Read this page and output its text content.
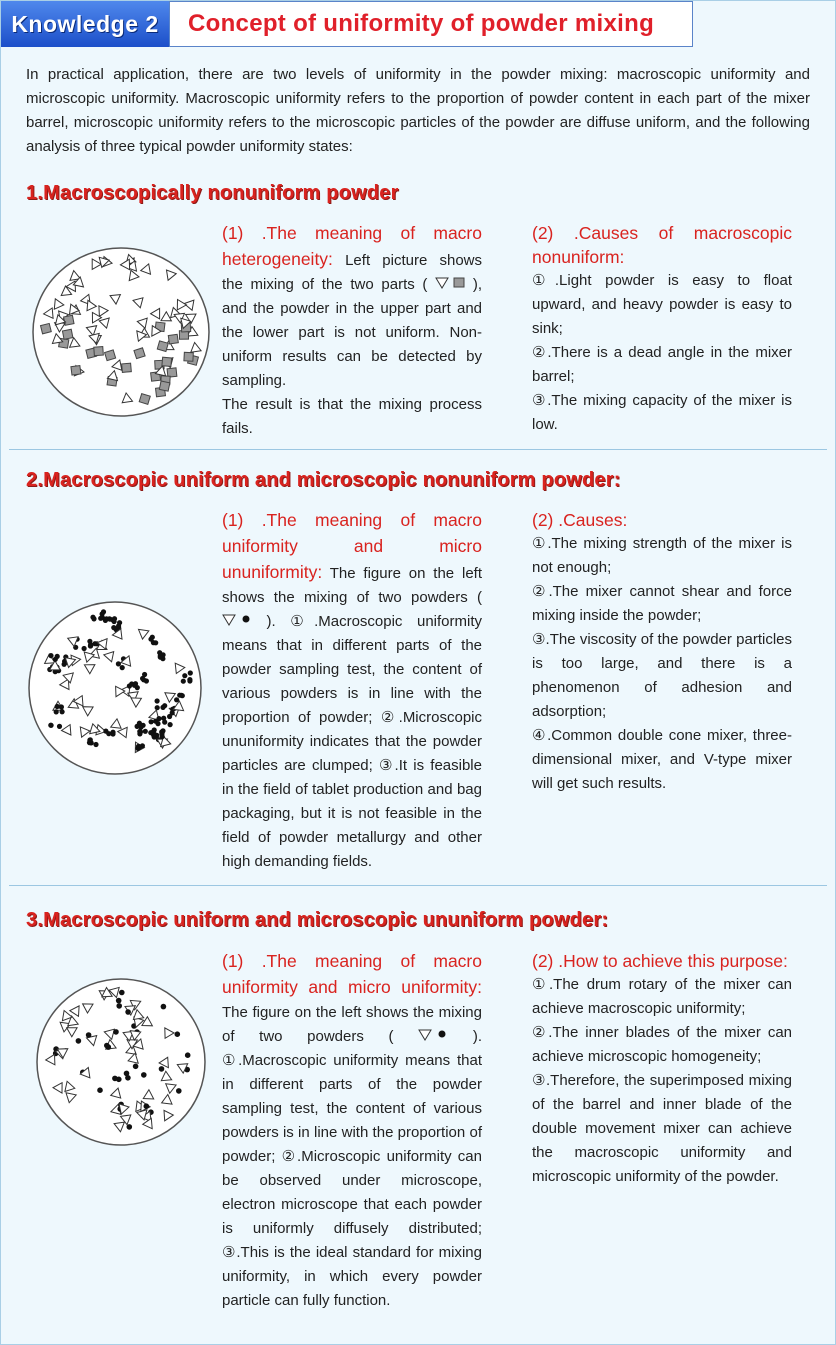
Knowledge 2	Concept of uniformity of powder mixing
In practical application, there are two levels of uniformity in the powder mixing: macroscopic uniformity and microscopic uniformity. Macroscopic uniformity refers to the proportion of powder content in each part of the mixer barrel, microscopic uniformity refers to the microscopic particles of the powder are diffuse uniform, and the following analysis of three typical powder uniformity states:
1.Macroscopically nonuniform powder

(1) .The meaning of macro heterogeneity: Left picture shows the mixing of the two parts (  ), and the powder in the upper part and the lower part is not uniform. Non-uniform results can be detected by sampling.

The result is that the mixing process fails.

(2) .Causes of macroscopic nonuniform:

①.Light powder is easy to float upward, and heavy powder is easy to sink;

②.There is a dead angle in the mixer barrel;

③.The mixing capacity of the mixer is low.

2.Macroscopic uniform and microscopic nonuniform powder:

(1) .The meaning of macro uniformity and micro ununiformity: The figure on the left shows the mixing of two powders (  ). ①.Macroscopic uniformity means that in different parts of the powder sampling test, the content of various powders is in line with the proportion of powder; ②.Microscopic ununiformity indicates that the powder particles are clumped; ③.It is feasible in the field of tablet production and bag packaging, but it is not feasible in the field of powder metallurgy and other high demanding fields.

(2) .Causes:

①.The mixing strength of the mixer is not enough;

②.The mixer cannot shear and force mixing inside the powder;

③.The viscosity of the powder particles is too large, and there is a phenomenon of adhesion and adsorption;

④.Common double cone mixer, three-dimensional mixer, and V-type mixer will get such results.

3.Macroscopic uniform and microscopic ununiform powder:

(1) .The meaning of macro uniformity and micro uniformity: The figure on the left shows the mixing of two powders (  ). ①.Macroscopic uniformity means that in different parts of the powder sampling test, the content of various powders is in line with the proportion of powder; ②.Microscopic uniformity can be observed under microscope, electron microscope that each powder is uniformly diffusely distributed; ③.This is the ideal standard for mixing uniformity, in which every powder particle can fully function.

(2) .How to achieve this purpose:

①.The drum rotary of the mixer can achieve macroscopic uniformity;

②.The inner blades of the mixer can achieve microscopic homogeneity;

③.Therefore, the superimposed mixing of the barrel and inner blade of the double movement mixer can achieve the macroscopic uniformity and microscopic uniformity of the powder.
